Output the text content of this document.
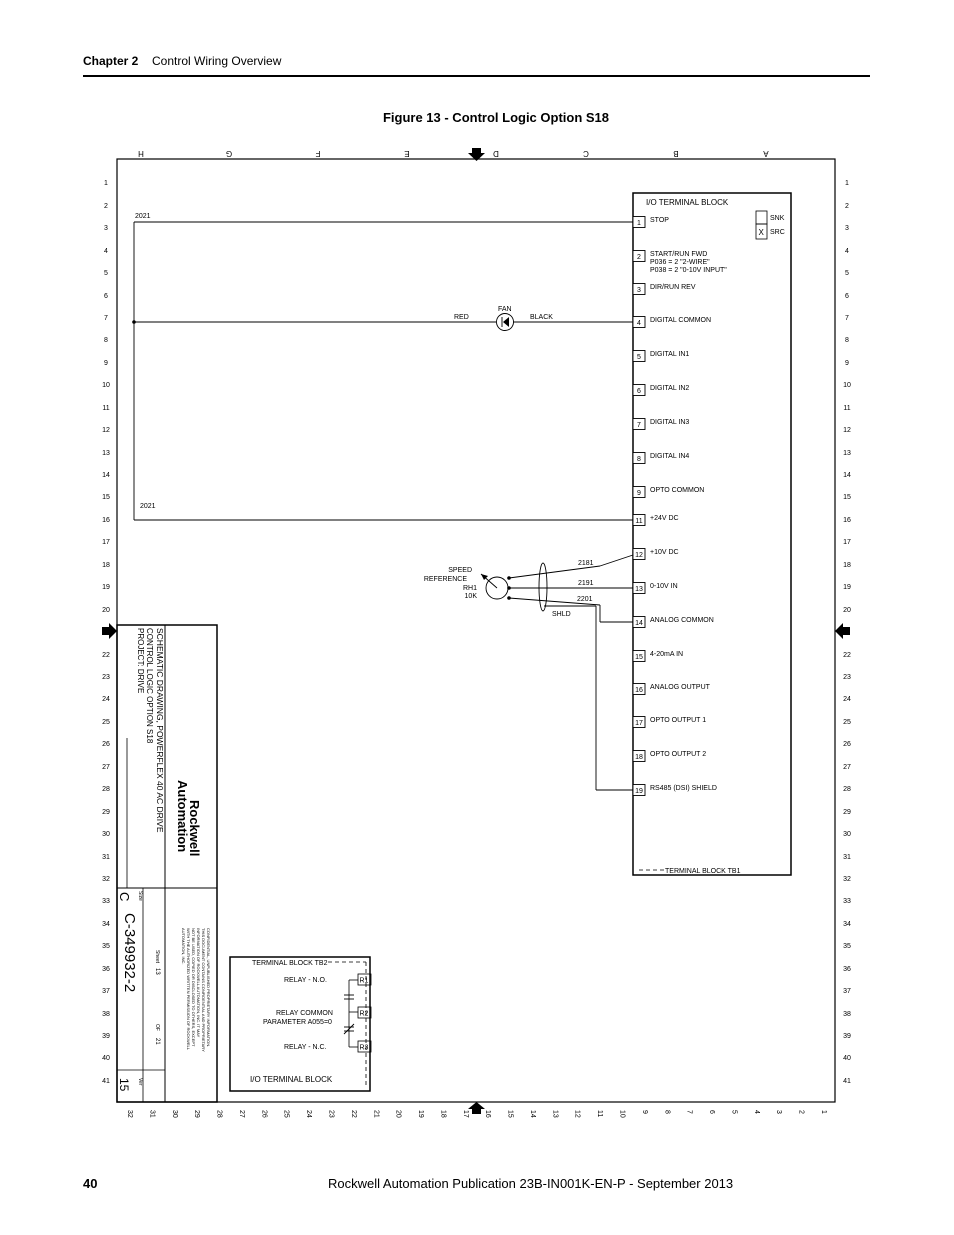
Chapter 2 Control Wiring Overview
Figure 13 - Control Logic Option S18
H	G	F	E	D	C	B	A
1	1
2	2
3	3
4	4
5	5
6	6
7	7
8	8
9	9
10	10
11	11
12	12
13	13
14	14
15	15
16	16
17	17
18	18
19	19
20	20
22	22
23	23
24	24
25	25
26	26
27	27
28	28
29	29
30	30
31	31
32	32
33	33
34	34
35	35
36	36
37	37
38	38
39	39
40	40
41	41
32 31 30 29 28 27 26 25 24 23 22 21 20 19 18 17 16 15 14 13 12 11 10 9 8 7 6 5 4 3 2 1
I/O TERMINAL BLOCK
TERMINAL BLOCK TB1
SNK
SRC
X
1 STOP
2 START/RUN FWD
P036 = 2 "2-WIRE"
P038 = 2 "0-10V INPUT"
3 DIR/RUN REV
4 DIGITAL COMMON
5 DIGITAL IN1
6 DIGITAL IN2
7 DIGITAL IN3
8 DIGITAL IN4
9 OPTO COMMON
11 +24V DC
12 +10V DC
13 0-10V IN
14 ANALOG COMMON
15 4-20mA IN
16 ANALOG OUTPUT
17 OPTO OUTPUT 1
18 OPTO OUTPUT 2
19 RS485 (DSI) SHIELD
2021
2021
FAN
RED	BLACK
SPEED
REFERENCE
RH1
10K
2181
2191
2201
SHLD
SCHEMATIC DRAWING, POWERFLEX 40 AC DRIVE
CONTROL LOGIC OPTION S18
PROJECT: DRIVE
Rockwell
Automation
Size
C
C-349932-2	Sheet
13
OF
21
Ver
15
CONFIDENTIAL, UNPUBLISHED PROPRIETARY INFORMATION.
THIS DOCUMENT CONTAINS CONFIDENTIAL AND PROPRIETARY
INFORMATION OF ROCKWELL AUTOMATION, INC. IT MAY
NOT BE USED, COPIED OR DISCLOSED TO OTHERS, EXCEPT
WITH THE AUTHORIZED WRITTEN PERMISSION OF ROCKWELL
AUTOMATION, INC.	TERMINAL BLOCK TB2
RELAY - N.O.
RELAY COMMON
PARAMETER A055=0
RELAY - N.C.
R1
R2
R3
I/O TERMINAL BLOCK
40	Rockwell Automation Publication 23B-IN001K-EN-P - September 2013
